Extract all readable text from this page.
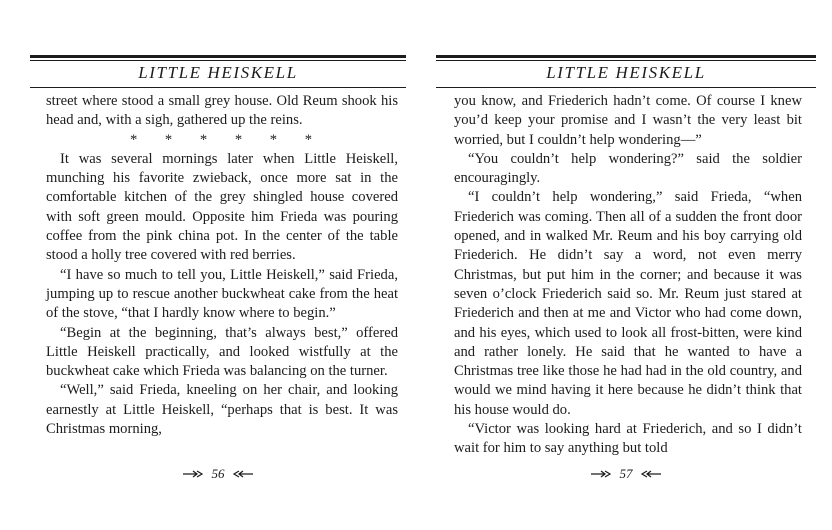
LITTLE HEISKELL

street where stood a small grey house. Old Reum shook his head and, with a sigh, gathered up the reins.

* * * * * *

It was several mornings later when Little Heiskell, munching his favorite zwieback, once more sat in the comfortable kitchen of the grey shingled house covered with soft green mould. Opposite him Frieda was pouring coffee from the pink china pot. In the center of the table stood a holly tree covered with red berries.

“I have so much to tell you, Little Heiskell,” said Frieda, jumping up to rescue another buckwheat cake from the heat of the stove, “that I hardly know where to begin.”

“Begin at the beginning, that’s always best,” offered Little Heiskell practically, and looked wistfully at the buckwheat cake which Frieda was balancing on the turner.

“Well,” said Frieda, kneeling on her chair, and looking earnestly at Little Heiskell, “perhaps that is best. It was Christmas morning,

56
LITTLE HEISKELL

you know, and Friederich hadn’t come. Of course I knew you’d keep your promise and I wasn’t the very least bit worried, but I couldn’t help wondering—”

“You couldn’t help wondering?” said the soldier encouragingly.

“I couldn’t help wondering,” said Frieda, “when Friederich was coming. Then all of a sudden the front door opened, and in walked Mr. Reum and his boy carrying old Friederich. He didn’t say a word, not even merry Christmas, but put him in the corner; and because it was seven o’clock Friederich said so. Mr. Reum just stared at Friederich and then at me and Victor who had come down, and his eyes, which used to look all frost-bitten, were kind and rather lonely. He said that he wanted to have a Christmas tree like those he had had in the old country, and would we mind having it here because he didn’t think that his house would do.

“Victor was looking hard at Friederich, and so I didn’t wait for him to say anything but told

57
